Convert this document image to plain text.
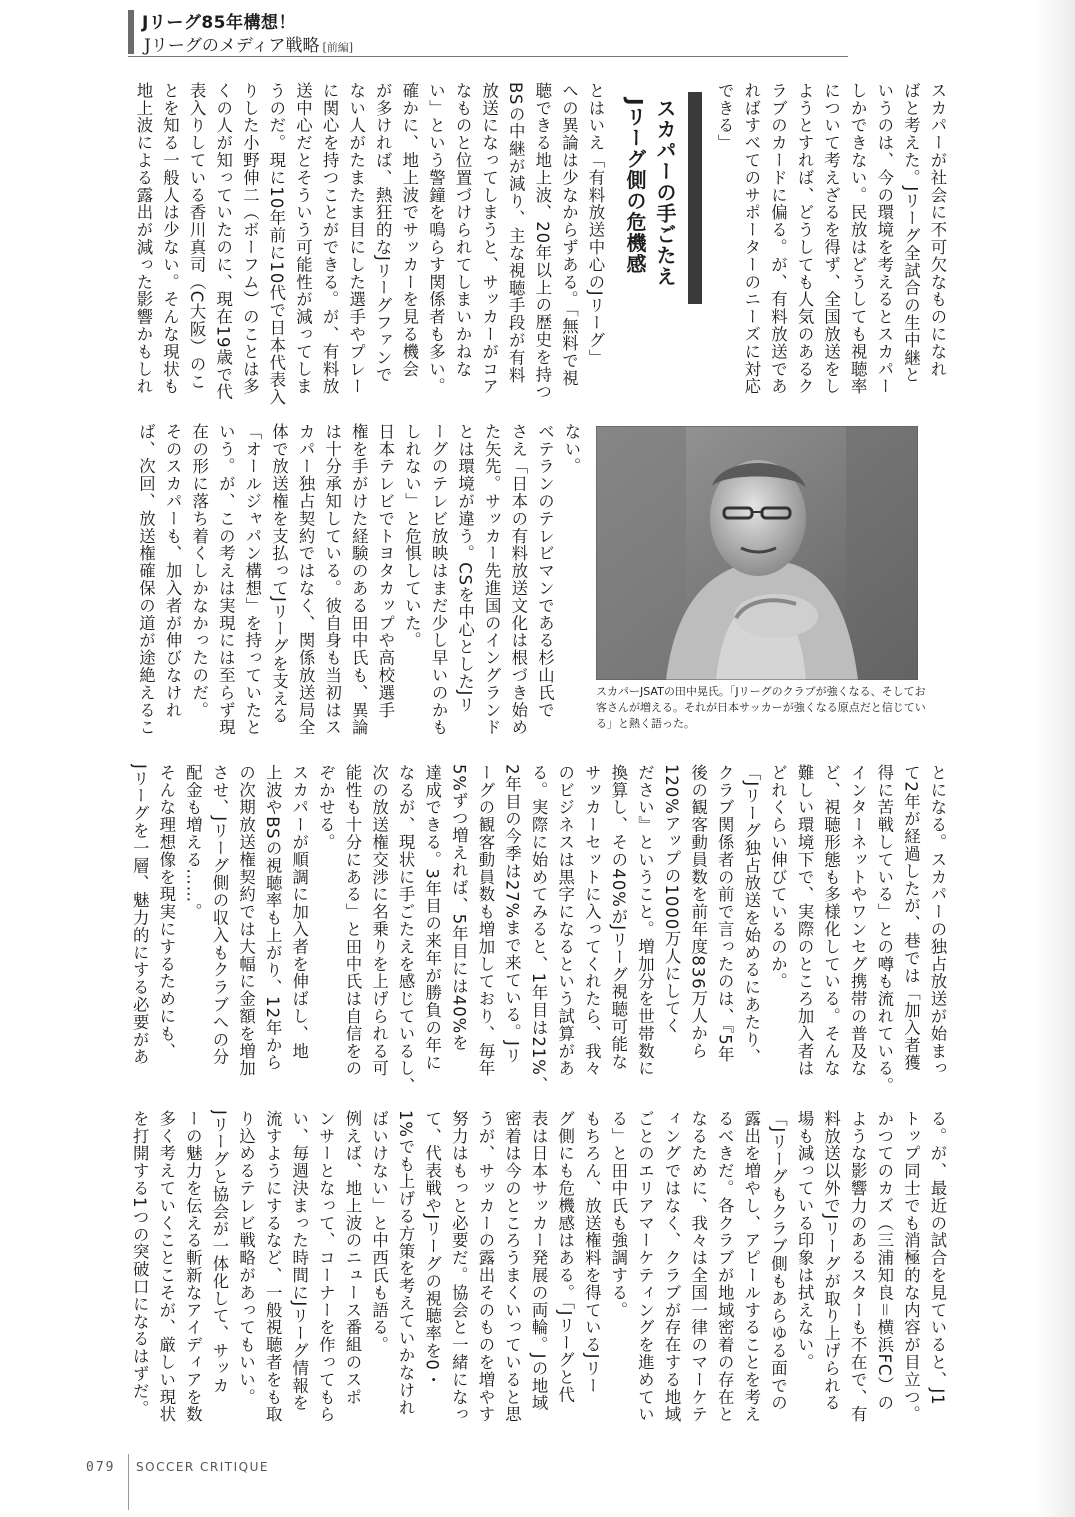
Jリーグ85年構想！
Jリーグのメディア戦略 [前編]
スカパーが社会に不可欠なものになれ
ばと考えた。Jリーグ全試合の生中継と
いうのは、今の環境を考えるとスカパー
しかできない。民放はどうしても視聴率
について考えざるを得ず、全国放送をし
ようとすれば、どうしても人気のあるク
ラブのカードに偏る。が、有料放送であ
ればすべてのサポーターのニーズに対応
できる」
スカパーの手ごたえ
Jリーグ側の危機感
とはいえ「有料放送中心のJリーグ」
への異論は少なからずある。「無料で視
聴できる地上波、20年以上の歴史を持つ
BSの中継が減り、主な視聴手段が有料
放送になってしまうと、サッカーがコア
なものと位置づけられてしまいかねな
い」という警鐘を鳴らす関係者も多い。
確かに、地上波でサッカーを見る機会
が多ければ、熱狂的なJリーグファンで
ない人がたまたま目にした選手やプレー
に関心を持つことができる。が、有料放
送中心だとそういう可能性が減ってしま
うのだ。現に10年前に10代で日本代表入
りした小野伸二（ボーフム）のことは多
くの人が知っていたのに、現在19歳で代
表入りしている香川真司（C大阪）のこ
とを知る一般人は少ない。そんな現状も
地上波による露出が減った影響かもしれ
スカパーJSATの田中晃氏。「Jリーグのクラブが強くなる、そしてお客さんが増える。それが日本サッカーが強くなる原点だと信じている」と熱く語った。
ない。
ベテランのテレビマンである杉山氏で
さえ「日本の有料放送文化は根づき始め
た矢先。サッカー先進国のイングランド
とは環境が違う。CSを中心としたJリ
ーグのテレビ放映はまだ少し早いのかも
しれない」と危惧していた。
日本テレビでトヨタカップや高校選手
権を手がけた経験のある田中氏も、異論
は十分承知している。彼自身も当初はス
カパー独占契約ではなく、関係放送局全
体で放送権を支払ってJリーグを支える
「オールジャパン構想」を持っていたと
いう。が、この考えは実現には至らず現
在の形に落ち着くしかなかったのだ。
そのスカパーも、加入者が伸びなけれ
ば、次回、放送権確保の道が途絶えるこ
とになる。スカパーの独占放送が始まっ
て2年が経過したが、巷では「加入者獲
得に苦戦している」との噂も流れている。
インターネットやワンセグ携帯の普及な
ど、視聴形態も多様化している。そんな
難しい環境下で、実際のところ加入者は
どれくらい伸びているのか。
「Jリーグ独占放送を始めるにあたり、
クラブ関係者の前で言ったのは、『5年
後の観客動員数を前年度836万人から
120%アップの1000万人にしてく
ださい』ということ。増加分を世帯数に
換算し、その40%がJリーグ視聴可能な
サッカーセットに入ってくれたら、我々
のビジネスは黒字になるという試算があ
る。実際に始めてみると、1年目は21%、
2年目の今季は27%まで来ている。Jリ
ーグの観客動員数も増加しており、毎年
5%ずつ増えれば、5年目には40%を
達成できる。3年目の来年が勝負の年に
なるが、現状に手ごたえを感じているし、
次の放送権交渉に名乗りを上げられる可
能性も十分にある」と田中氏は自信をの
ぞかせる。
スカパーが順調に加入者を伸ばし、地
上波やBSの視聴率も上がり、12年から
の次期放送権契約では大幅に金額を増加
させ、Jリーグ側の収入もクラブへの分
配金も増える……。
そんな理想像を現実にするためにも、
Jリーグを一層、魅力的にする必要があ
る。が、最近の試合を見ていると、J1
トップ同士でも消極的な内容が目立つ。
かつてのカズ（三浦知良＝横浜FC）の
ような影響力のあるスターも不在で、有
料放送以外でJリーグが取り上げられる
場も減っている印象は拭えない。
「Jリーグもクラブ側もあらゆる面での
露出を増やし、アピールすることを考え
るべきだ。各クラブが地域密着の存在と
なるために、我々は全国一律のマーケテ
ィングではなく、クラブが存在する地域
ごとのエリアマーケティングを進めてい
る」と田中氏も強調する。
もちろん、放送権料を得ているJリー
グ側にも危機感はある。「Jリーグと代
表は日本サッカー発展の両輪。Jの地域
密着は今のところうまくいっていると思
うが、サッカーの露出そのものを増やす
努力はもっと必要だ。協会と一緒になっ
て、代表戦やJリーグの視聴率を0・
1%でも上げる方策を考えていかなけれ
ばいけない」と中西氏も語る。
例えば、地上波のニュース番組のスポ
ンサーとなって、コーナーを作ってもら
い、毎週決まった時間にJリーグ情報を
流すようにするなど、一般視聴者をも取
り込めるテレビ戦略があってもいい。
Jリーグと協会が一体化して、サッカ
ーの魅力を伝える斬新なアイディアを数
多く考えていくことこそが、厳しい現状
を打開する1つの突破口になるはずだ。
079 SOCCER CRITIQUE
